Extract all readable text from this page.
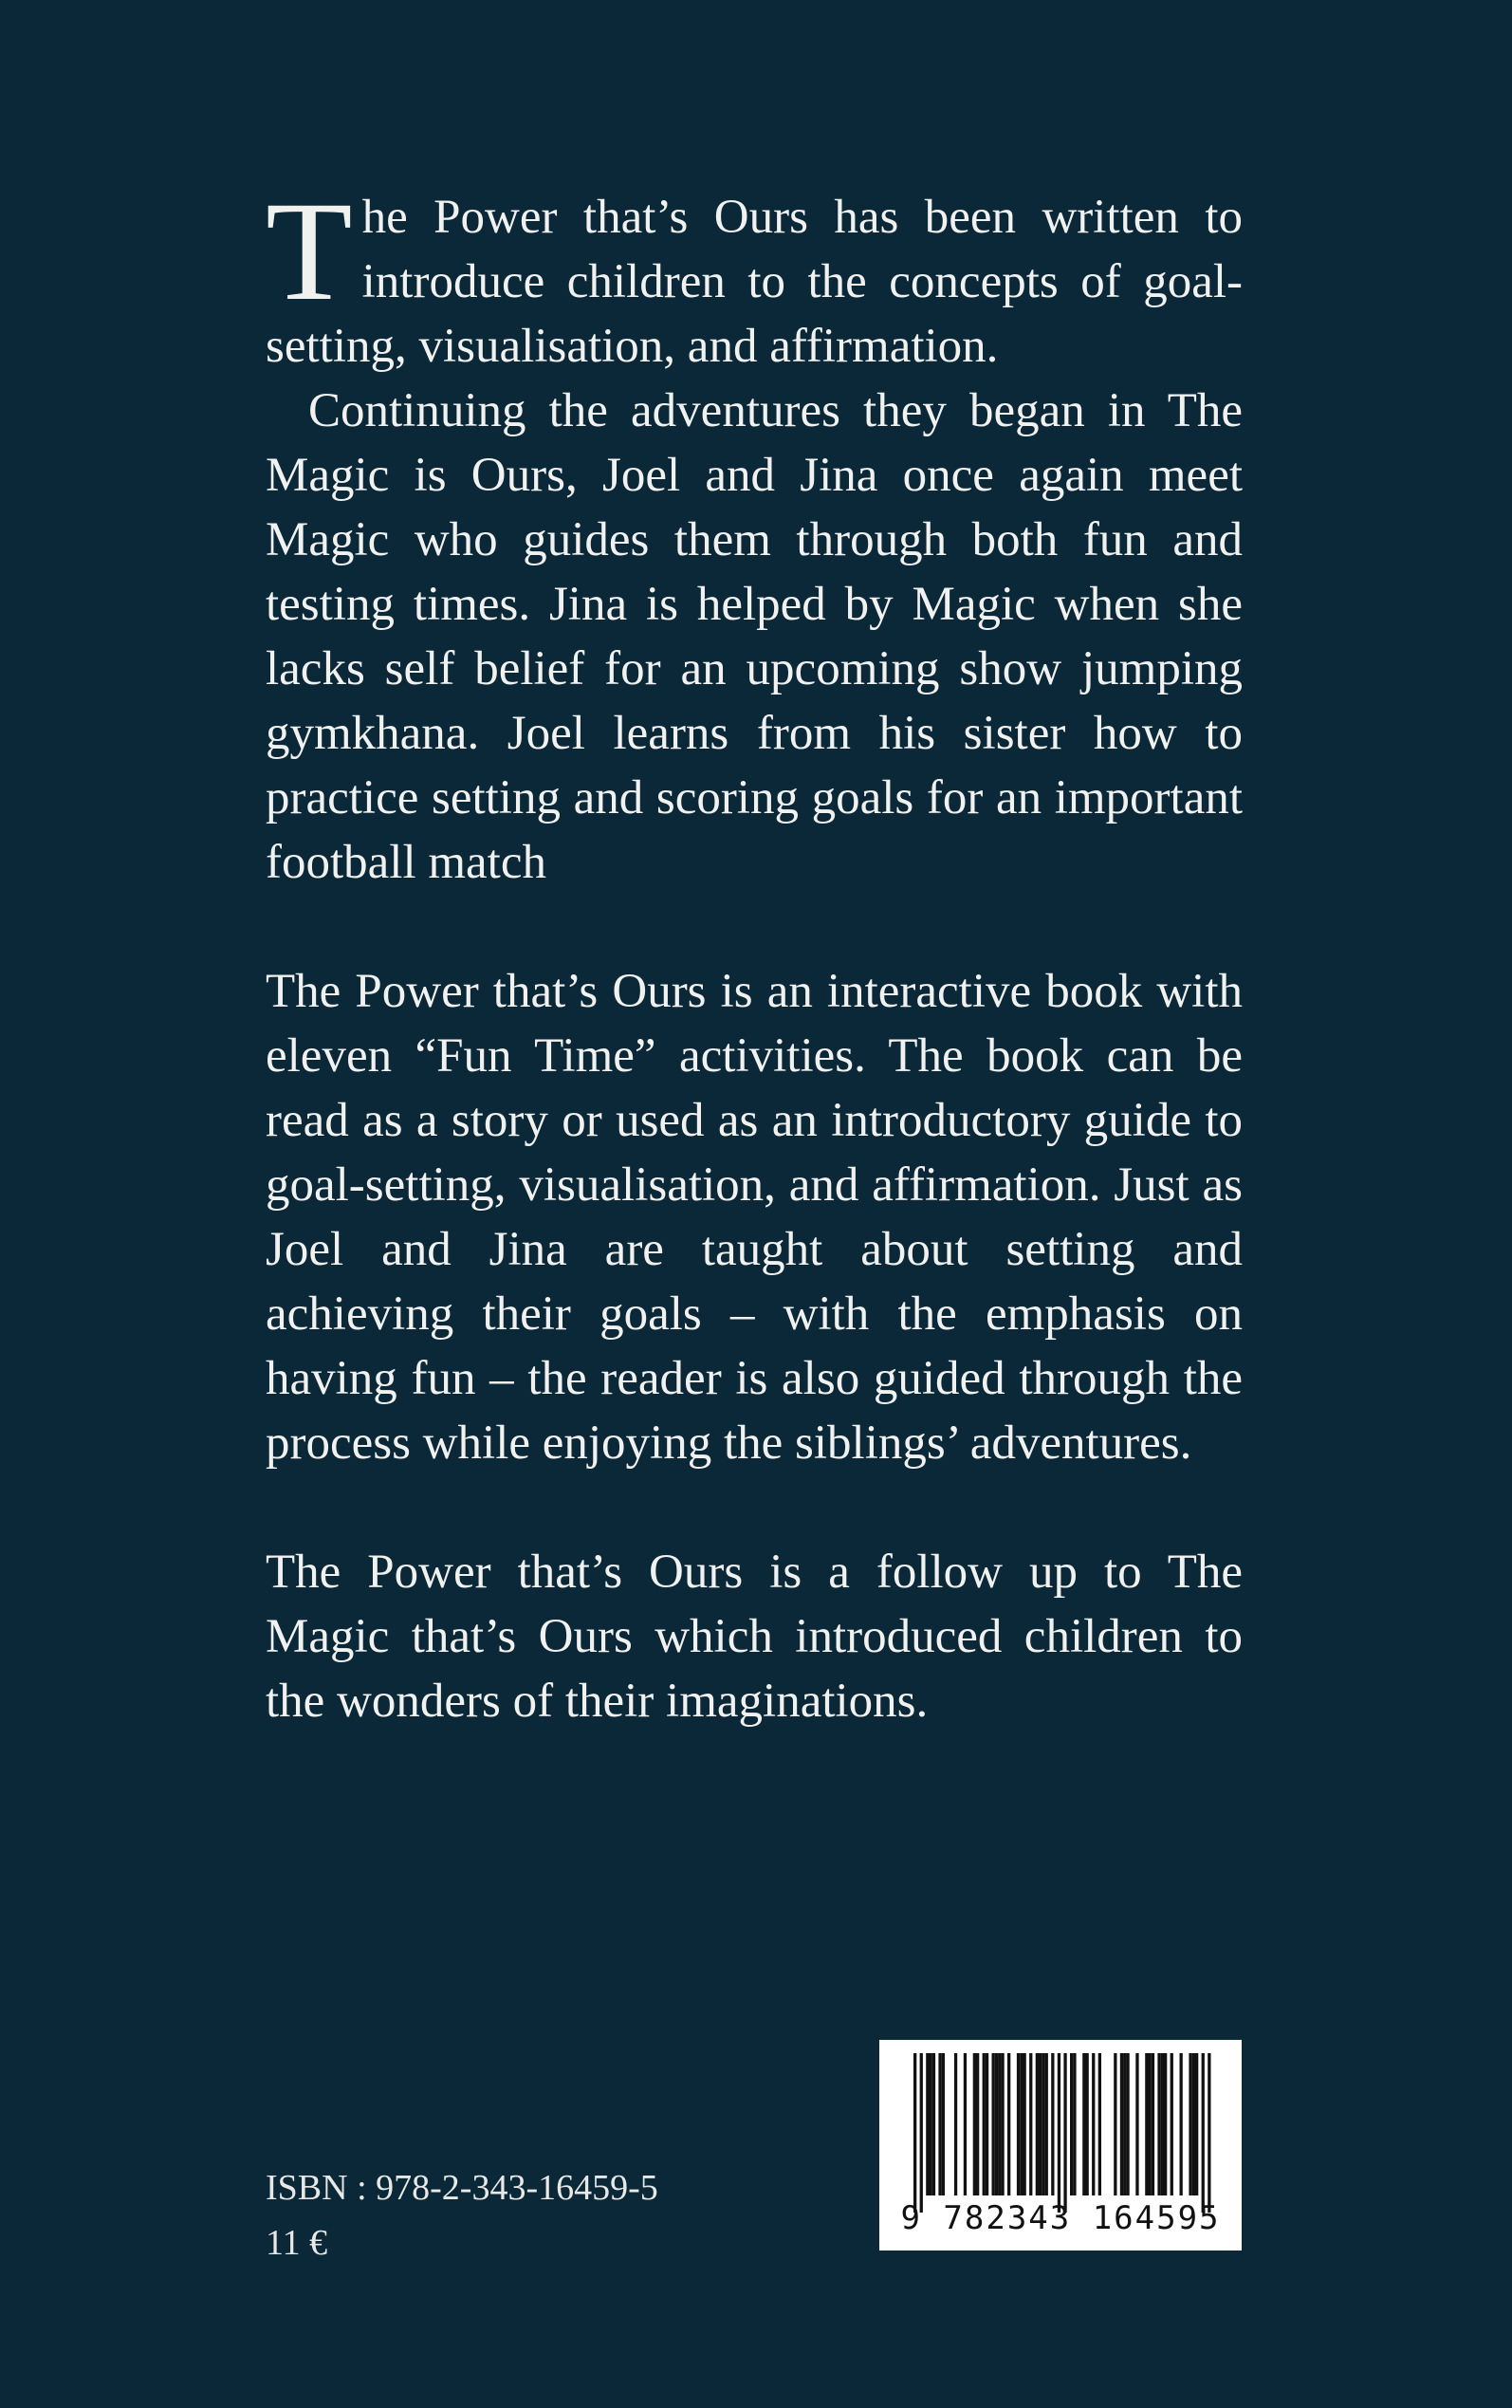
The Power that’s Ours has been written to introduce children to the concepts of goal-setting, visualisation, and affirmation.

Continuing the adventures they began in The Magic is Ours, Joel and Jina once again meet Magic who guides them through both fun and testing times. Jina is helped by Magic when she lacks self belief for an upcoming show jumping gymkhana. Joel learns from his sister how to practice setting and scoring goals for an important football match

The Power that’s Ours is an interactive book with eleven “Fun Time” activities. The book can be read as a story or used as an introductory guide to goal-setting, visualisation, and affirmation. Just as Joel and Jina are taught about setting and achieving their goals – with the emphasis on having fun – the reader is also guided through the process while enjoying the siblings’ adventures.

The Power that’s Ours is a follow up to The Magic that’s Ours which introduced children to the wonders of their imaginations.

ISBN : 978-2-343-16459-5
11 €
9 782343 164595
